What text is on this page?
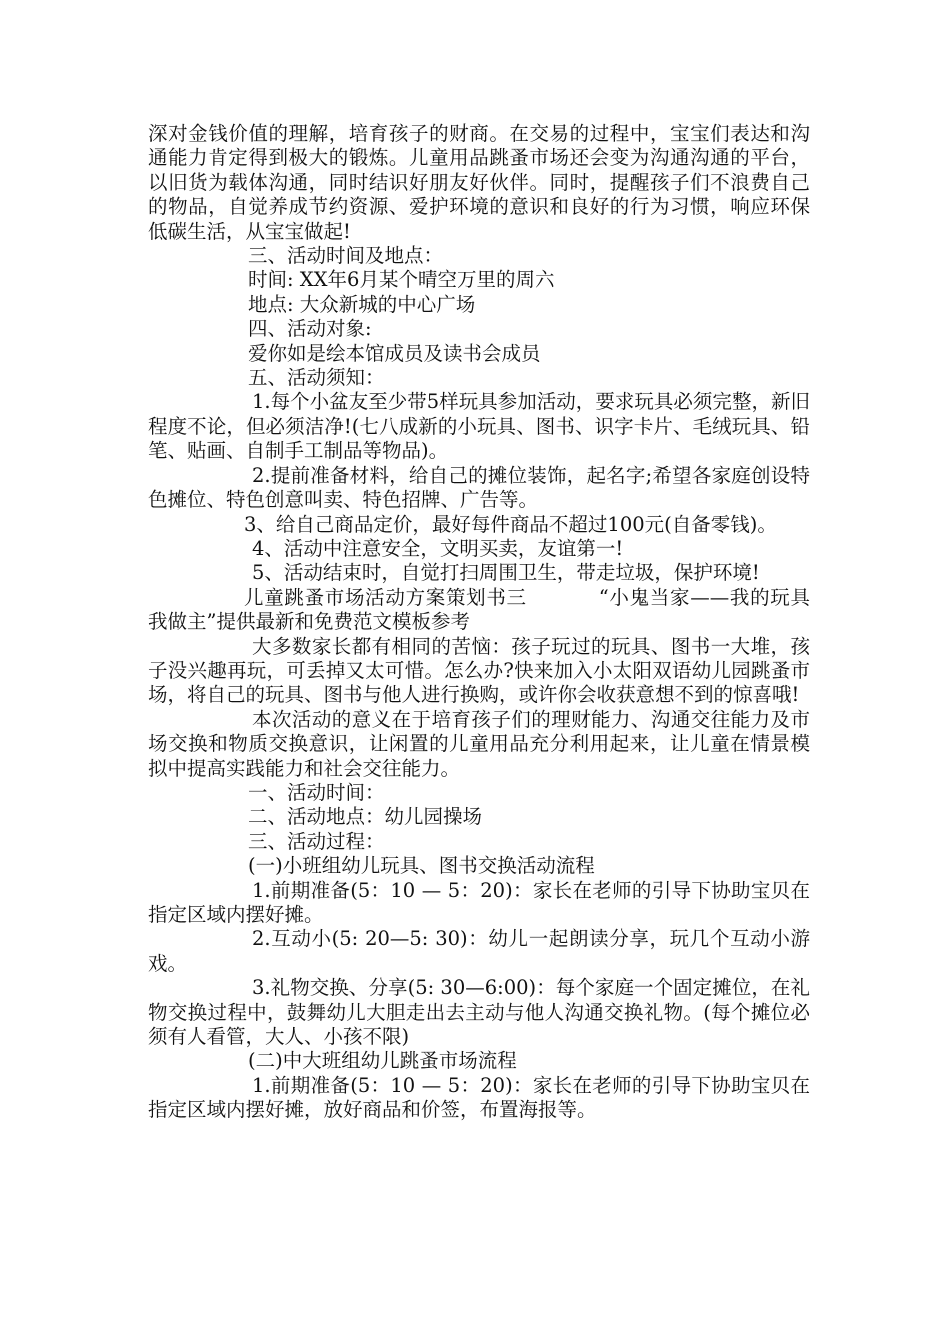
深对金钱价值的理解，培育孩子的财商。在交易的过程中，宝宝们表达和沟通能力肯定得到极大的锻炼。儿童用品跳蚤市场还会变为沟通沟通的平台，以旧货为载体沟通，同时结识好朋友好伙伴。同时，提醒孩子们不浪费自己的物品，自觉养成节约资源、爱护环境的意识和良好的行为习惯，响应环保低碳生活，从宝宝做起!

三、活动时间及地点：

时间: XX年6月某个晴空万里的周六

地点: 大众新城的中心广场

四、活动对象:

爱你如是绘本馆成员及读书会成员

五、活动须知：

1.每个小盆友至少带5样玩具参加活动，要求玩具必须完整，新旧程度不论，但必须洁净!(七八成新的小玩具、图书、识字卡片、毛绒玩具、铅笔、贴画、自制手工制品等物品)。

2.提前准备材料，给自己的摊位装饰，起名字;希望各家庭创设特色摊位、特色创意叫卖、特色招牌、广告等。

3、给自己商品定价，最好每件商品不超过100元(自备零钱)。

4、活动中注意安全，文明买卖，友谊第一!

5、活动结束时，自觉打扫周围卫生，带走垃圾，保护环境!

儿童跳蚤市场活动方案策划书三	“小鬼当家——我的玩具我做主”提供最新和免费范文模板参考

大多数家长都有相同的苦恼：孩子玩过的玩具、图书一大堆，孩子没兴趣再玩，可丢掉又太可惜。怎么办?快来加入小太阳双语幼儿园跳蚤市场，将自己的玩具、图书与他人进行换购，或许你会收获意想不到的惊喜哦!

本次活动的意义在于培育孩子们的理财能力、沟通交往能力及市场交换和物质交换意识，让闲置的儿童用品充分利用起来，让儿童在情景模拟中提高实践能力和社会交往能力。

一、活动时间：

二、活动地点：幼儿园操场

三、活动过程：

(一)小班组幼儿玩具、图书交换活动流程

1.前期准备(5：10 — 5：20)：家长在老师的引导下协助宝贝在指定区域内摆好摊。

2.互动小(5: 20—5: 30)：幼儿一起朗读分享，玩几个互动小游戏。

3.礼物交换、分享(5: 30—6:00)：每个家庭一个固定摊位，在礼物交换过程中，鼓舞幼儿大胆走出去主动与他人沟通交换礼物。(每个摊位必须有人看管，大人、小孩不限)

(二)中大班组幼儿跳蚤市场流程

1.前期准备(5：10 — 5：20)：家长在老师的引导下协助宝贝在指定区域内摆好摊，放好商品和价签，布置海报等。
